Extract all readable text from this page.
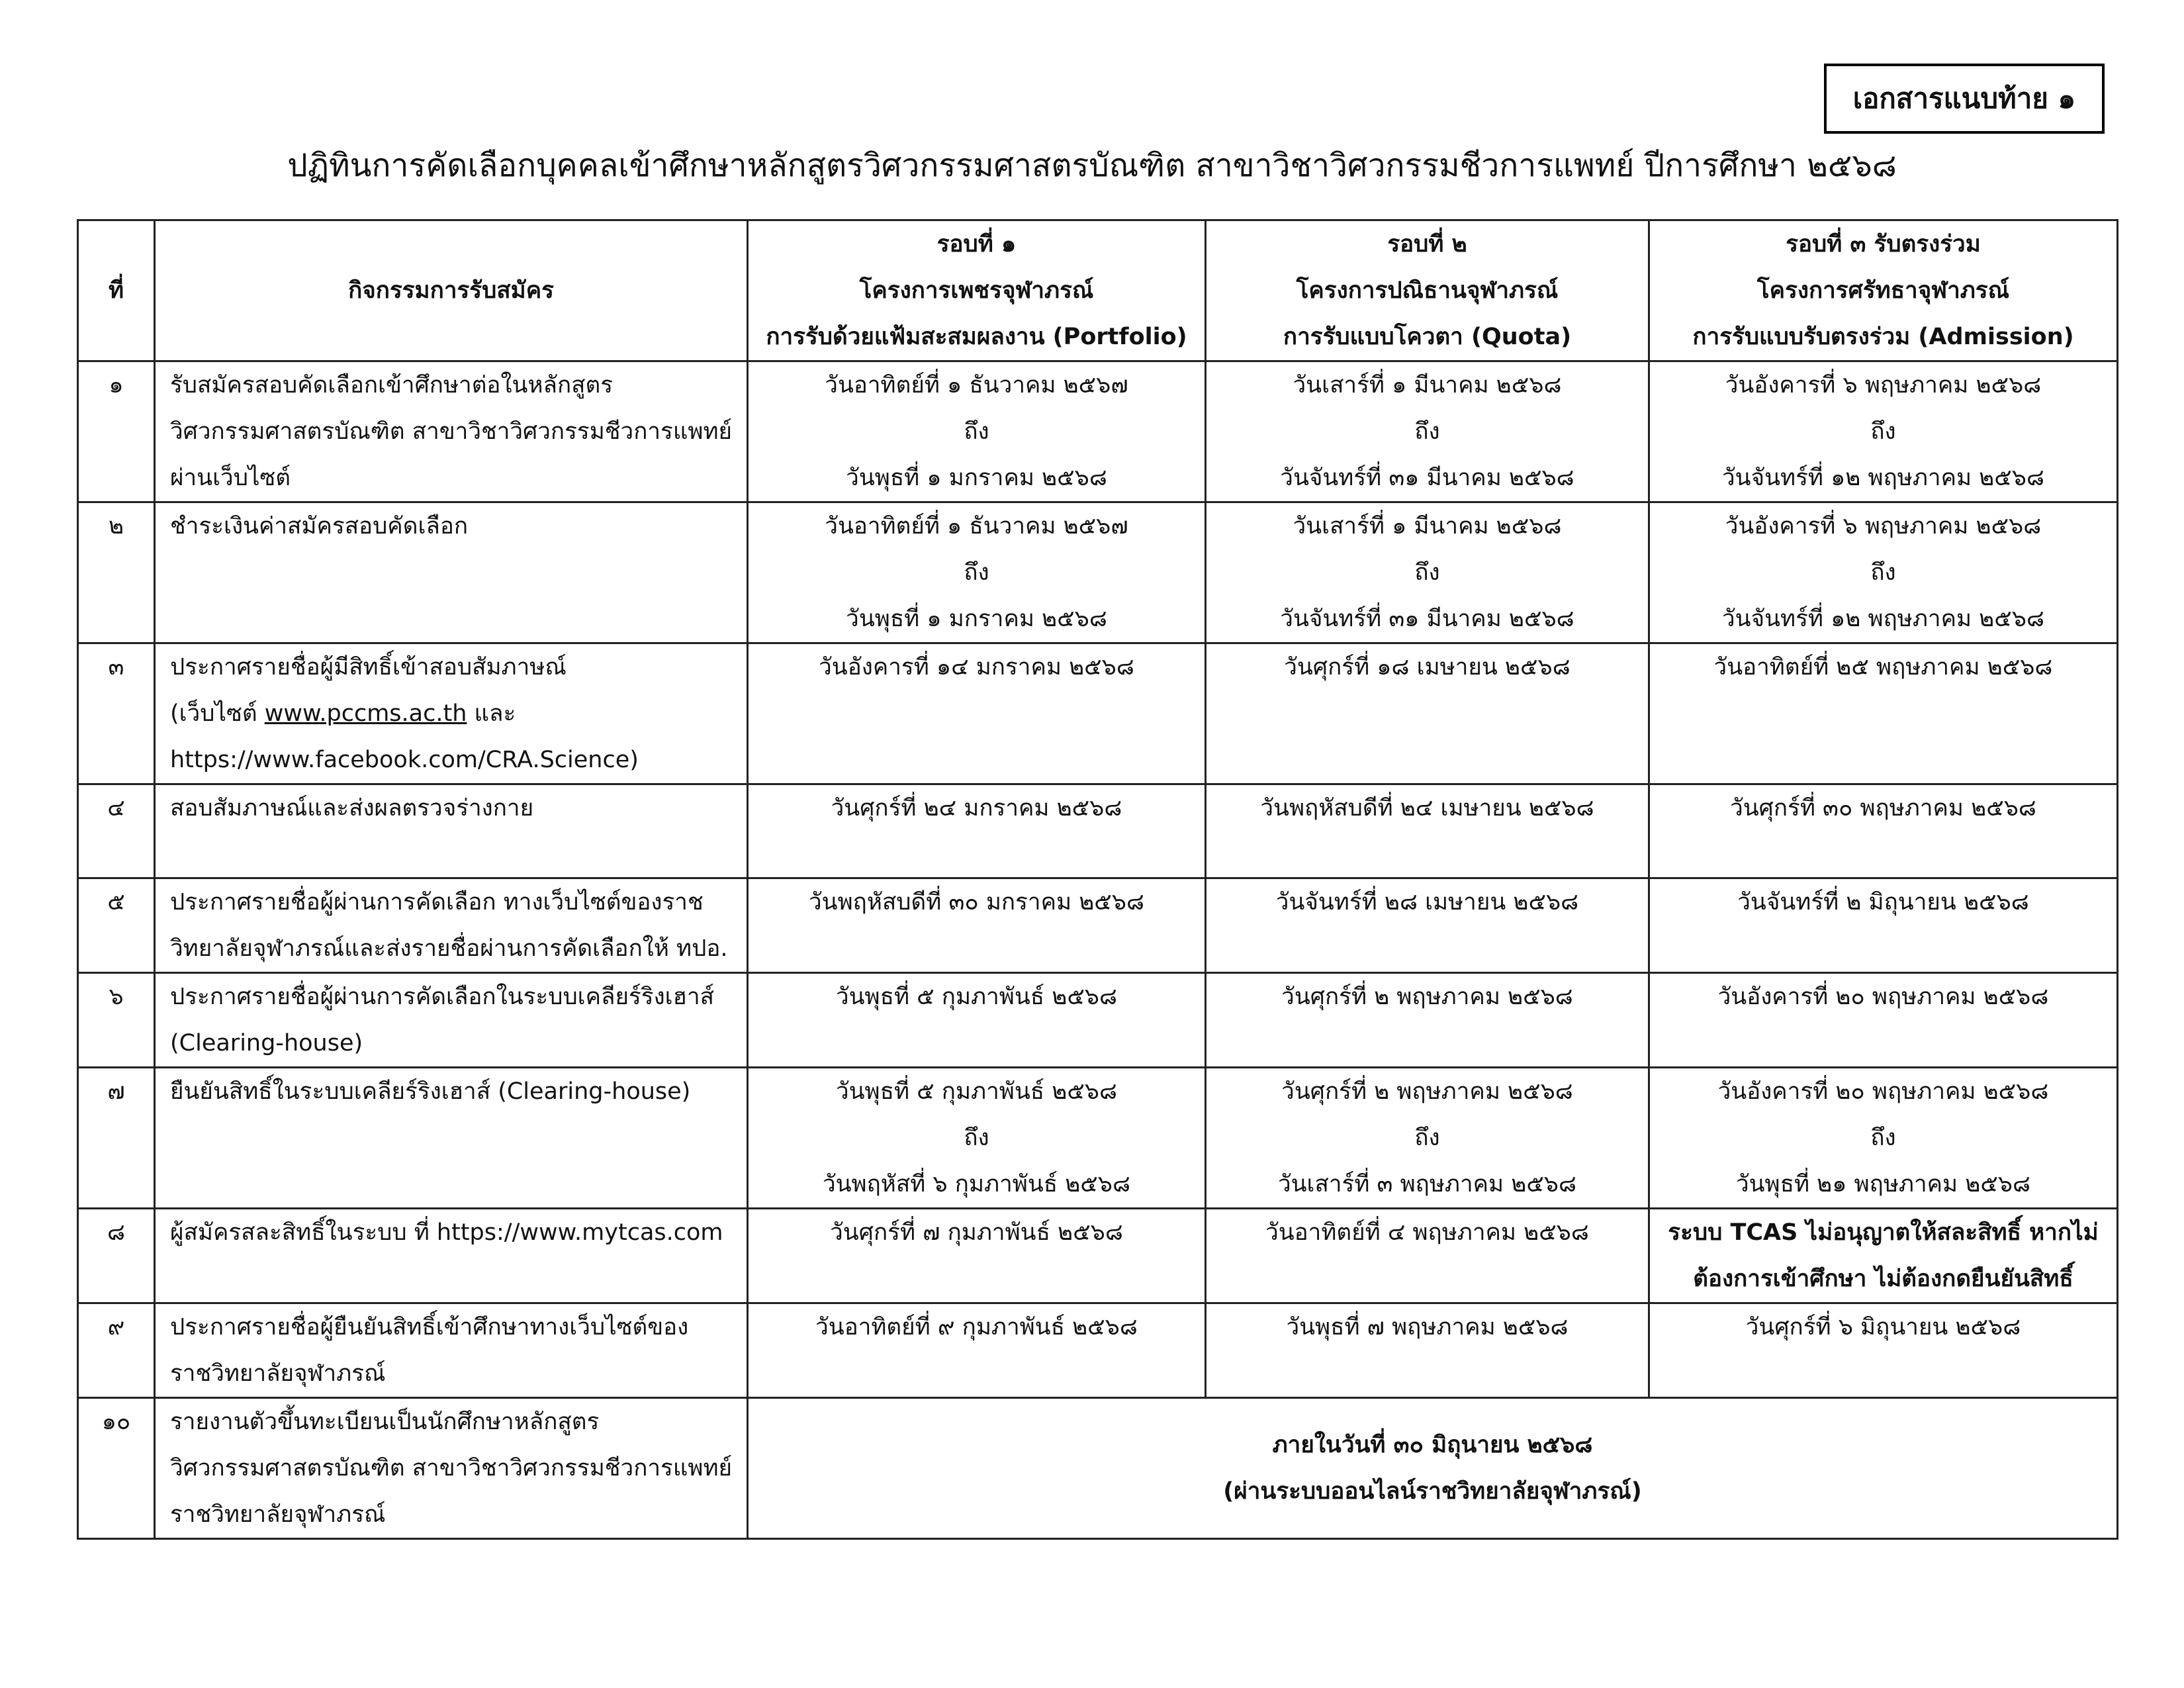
เอกสารแนบท้าย ๑
ปฏิทินการคัดเลือกบุคคลเข้าศึกษาหลักสูตรวิศวกรรมศาสตรบัณฑิต สาขาวิชาวิศวกรรมชีวการแพทย์ ปีการศึกษา ๒๕๖๘
ที่	กิจกรรมการรับสมัคร	รอบที่ ๑
โครงการเพชรจุฬาภรณ์
การรับด้วยแฟ้มสะสมผลงาน (Portfolio)	รอบที่ ๒
โครงการปณิธานจุฬาภรณ์
การรับแบบโควตา (Quota)	รอบที่ ๓ รับตรงร่วม
โครงการศรัทธาจุฬาภรณ์
การรับแบบรับตรงร่วม (Admission)

๑	รับสมัครสอบคัดเลือกเข้าศึกษาต่อในหลักสูตร
วิศวกรรมศาสตรบัณฑิต สาขาวิชาวิศวกรรมชีวการแพทย์
ผ่านเว็บไซต์	วันอาทิตย์ที่ ๑ ธันวาคม ๒๕๖๗
ถึง
วันพุธที่ ๑ มกราคม ๒๕๖๘	วันเสาร์ที่ ๑ มีนาคม ๒๕๖๘
ถึง
วันจันทร์ที่ ๓๑ มีนาคม ๒๕๖๘	วันอังคารที่ ๖ พฤษภาคม ๒๕๖๘
ถึง
วันจันทร์ที่ ๑๒ พฤษภาคม ๒๕๖๘

๒	ชำระเงินค่าสมัครสอบคัดเลือก	วันอาทิตย์ที่ ๑ ธันวาคม ๒๕๖๗
ถึง
วันพุธที่ ๑ มกราคม ๒๕๖๘	วันเสาร์ที่ ๑ มีนาคม ๒๕๖๘
ถึง
วันจันทร์ที่ ๓๑ มีนาคม ๒๕๖๘	วันอังคารที่ ๖ พฤษภาคม ๒๕๖๘
ถึง
วันจันทร์ที่ ๑๒ พฤษภาคม ๒๕๖๘

๓	ประกาศรายชื่อผู้มีสิทธิ์เข้าสอบสัมภาษณ์
(เว็บไซต์ www.pccms.ac.th และ
https://www.facebook.com/CRA.Science)	วันอังคารที่ ๑๔ มกราคม ๒๕๖๘	วันศุกร์ที่ ๑๘ เมษายน ๒๕๖๘	วันอาทิตย์ที่ ๒๕ พฤษภาคม ๒๕๖๘

๔	สอบสัมภาษณ์และส่งผลตรวจร่างกาย	วันศุกร์ที่ ๒๔ มกราคม ๒๕๖๘	วันพฤหัสบดีที่ ๒๔ เมษายน ๒๕๖๘	วันศุกร์ที่ ๓๐ พฤษภาคม ๒๕๖๘

๕	ประกาศรายชื่อผู้ผ่านการคัดเลือก ทางเว็บไซต์ของราช
วิทยาลัยจุฬาภรณ์และส่งรายชื่อผ่านการคัดเลือกให้ ทปอ.	วันพฤหัสบดีที่ ๓๐ มกราคม ๒๕๖๘	วันจันทร์ที่ ๒๘ เมษายน ๒๕๖๘	วันจันทร์ที่ ๒ มิถุนายน ๒๕๖๘

๖	ประกาศรายชื่อผู้ผ่านการคัดเลือกในระบบเคลียร์ริงเฮาส์
(Clearing-house)	วันพุธที่ ๕ กุมภาพันธ์ ๒๕๖๘	วันศุกร์ที่ ๒ พฤษภาคม ๒๕๖๘	วันอังคารที่ ๒๐ พฤษภาคม ๒๕๖๘

๗	ยืนยันสิทธิ์ในระบบเคลียร์ริงเฮาส์ (Clearing-house)	วันพุธที่ ๕ กุมภาพันธ์ ๒๕๖๘
ถึง
วันพฤหัสที่ ๖ กุมภาพันธ์ ๒๕๖๘	วันศุกร์ที่ ๒ พฤษภาคม ๒๕๖๘
ถึง
วันเสาร์ที่ ๓ พฤษภาคม ๒๕๖๘	วันอังคารที่ ๒๐ พฤษภาคม ๒๕๖๘
ถึง
วันพุธที่ ๒๑ พฤษภาคม ๒๕๖๘

๘	ผู้สมัครสละสิทธิ์ในระบบ ที่ https://www.mytcas.com	วันศุกร์ที่ ๗ กุมภาพันธ์ ๒๕๖๘	วันอาทิตย์ที่ ๔ พฤษภาคม ๒๕๖๘	ระบบ TCAS ไม่อนุญาตให้สละสิทธิ์ หากไม่
ต้องการเข้าศึกษา ไม่ต้องกดยืนยันสิทธิ์

๙	ประกาศรายชื่อผู้ยืนยันสิทธิ์เข้าศึกษาทางเว็บไซต์ของ
ราชวิทยาลัยจุฬาภรณ์	วันอาทิตย์ที่ ๙ กุมภาพันธ์ ๒๕๖๘	วันพุธที่ ๗ พฤษภาคม ๒๕๖๘	วันศุกร์ที่ ๖ มิถุนายน ๒๕๖๘

๑๐	รายงานตัวขึ้นทะเบียนเป็นนักศึกษาหลักสูตร
วิศวกรรมศาสตรบัณฑิต สาขาวิชาวิศวกรรมชีวการแพทย์
ราชวิทยาลัยจุฬาภรณ์	ภายในวันที่ ๓๐ มิถุนายน ๒๕๖๘
(ผ่านระบบออนไลน์ราชวิทยาลัยจุฬาภรณ์)		
